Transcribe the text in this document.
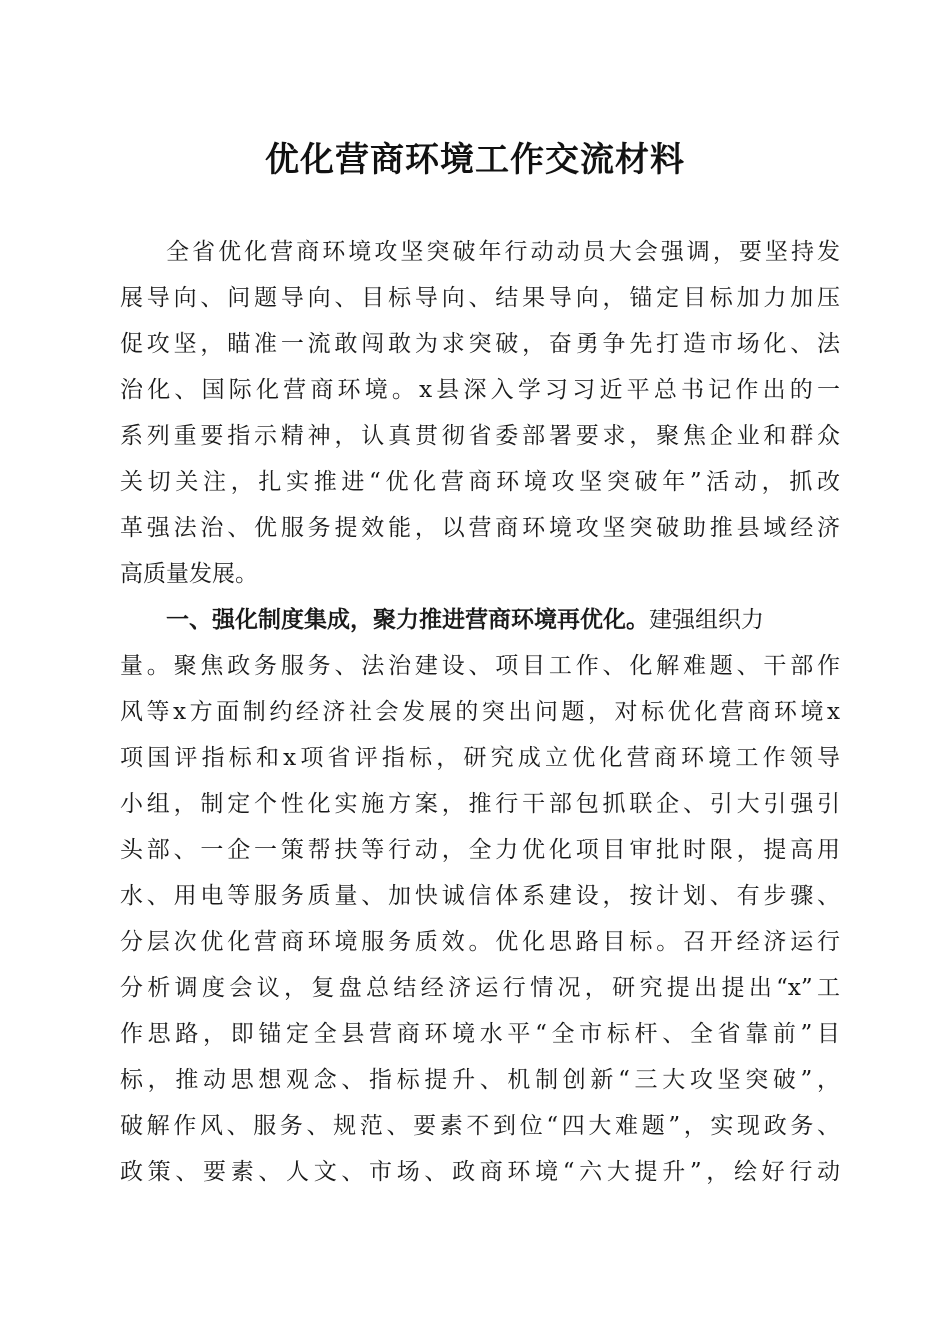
优化营商环境工作交流材料
全省优化营商环境攻坚突破年行动动员大会强调，要坚持发
展导向、问题导向、目标导向、结果导向，锚定目标加力加压
促攻坚，瞄准一流敢闯敢为求突破，奋勇争先打造市场化、法
治化、国际化营商环境。x县深入学习习近平总书记作出的一
系列重要指示精神，认真贯彻省委部署要求，聚焦企业和群众
关切关注，扎实推进“优化营商环境攻坚突破年”活动，抓改
革强法治、优服务提效能，以营商环境攻坚突破助推县域经济
高质量发展。
一、强化制度集成，聚力推进营商环境再优化。建强组织力
量。聚焦政务服务、法治建设、项目工作、化解难题、干部作
风等x方面制约经济社会发展的突出问题，对标优化营商环境x
项国评指标和x项省评指标，研究成立优化营商环境工作领导
小组，制定个性化实施方案，推行干部包抓联企、引大引强引
头部、一企一策帮扶等行动，全力优化项目审批时限，提高用
水、用电等服务质量、加快诚信体系建设，按计划、有步骤、
分层次优化营商环境服务质效。优化思路目标。召开经济运行
分析调度会议，复盘总结经济运行情况，研究提出提出“x”工
作思路，即锚定全县营商环境水平“全市标杆、全省靠前”目
标，推动思想观念、指标提升、机制创新“三大攻坚突破”，
破解作风、服务、规范、要素不到位“四大难题”，实现政务、
政策、要素、人文、市场、政商环境“六大提升”，绘好行动
